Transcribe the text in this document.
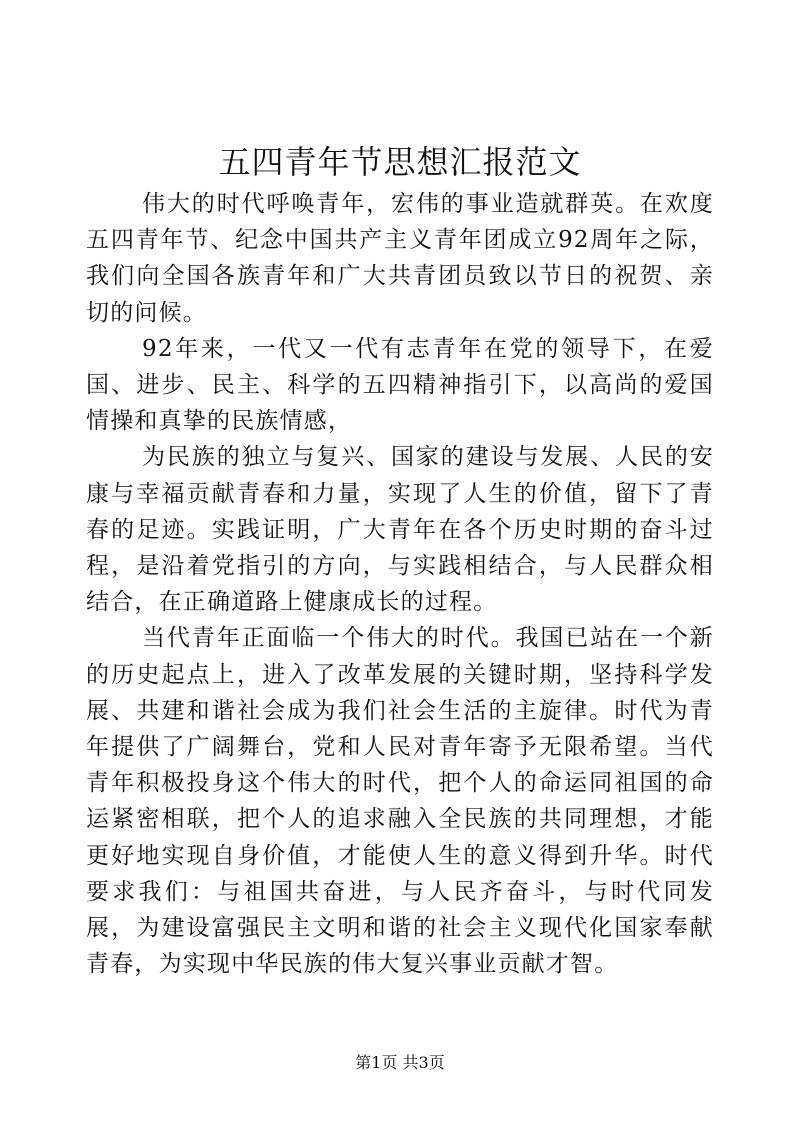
五四青年节思想汇报范文

伟大的时代呼唤青年，宏伟的事业造就群英。在欢度五四青年节、纪念中国共产主义青年团成立92周年之际，我们向全国各族青年和广大共青团员致以节日的祝贺、亲切的问候。

92年来，一代又一代有志青年在党的领导下，在爱国、进步、民主、科学的五四精神指引下，以高尚的爱国情操和真挚的民族情感，

为民族的独立与复兴、国家的建设与发展、人民的安康与幸福贡献青春和力量，实现了人生的价值，留下了青春的足迹。实践证明，广大青年在各个历史时期的奋斗过程，是沿着党指引的方向，与实践相结合，与人民群众相结合，在正确道路上健康成长的过程。

当代青年正面临一个伟大的时代。我国已站在一个新的历史起点上，进入了改革发展的关键时期，坚持科学发展、共建和谐社会成为我们社会生活的主旋律。时代为青年提供了广阔舞台，党和人民对青年寄予无限希望。当代青年积极投身这个伟大的时代，把个人的命运同祖国的命运紧密相联，把个人的追求融入全民族的共同理想，才能更好地实现自身价值，才能使人生的意义得到升华。时代要求我们：与祖国共奋进，与人民齐奋斗，与时代同发展，为建设富强民主文明和谐的社会主义现代化国家奉献青春，为实现中华民族的伟大复兴事业贡献才智。

第1页 共3页
